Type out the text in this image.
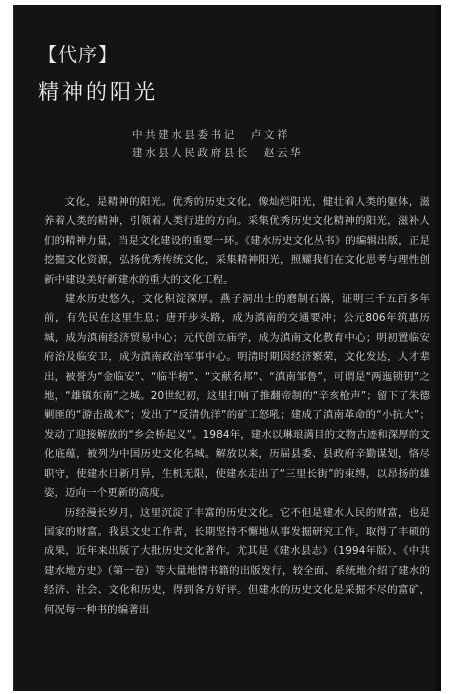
【代序】
精神的阳光
中共建水县委书记 卢文祥
建水县人民政府县长 赵云华

文化，是精神的阳光。优秀的历史文化，像灿烂阳光，健壮着人类的躯体，滋养着人类的精神，引领着人类行进的方向。采集优秀历史文化精神的阳光，滋补人们的精神力量，当是文化建设的重要一环。《建水历史文化丛书》的编辑出版，正是挖掘文化资源，弘扬优秀传统文化，采集精神阳光，照耀我们在文化思考与理性创新中建设美好新建水的重大的文化工程。

建水历史悠久，文化积淀深厚。燕子洞出土的磨制石器，证明三千五百多年前，有先民在这里生息；唐开步头路，成为滇南的交通要冲；公元806年筑惠历城，成为滇南经济贸易中心；元代创立庙学，成为滇南文化教育中心；明初置临安府治及临安卫，成为滇南政治军事中心。明清时期因经济繁荣，文化发达，人才辈出，被誉为“金临安”、“临半榜”、“文献名邦”、“滇南邹鲁”，可谓是“两迤锁钥”之地，“雄镇东南”之城。20世纪初，这里打响了推翻帝制的“辛亥枪声”；留下了朱德剿匪的“游击战术”；发出了“反清仇洋”的矿工怒吼；建成了滇南革命的“小抗大”；发动了迎接解放的“乡会桥起义”。1984年，建水以琳琅满目的文物古迹和深厚的文化底蕴，被列为中国历史文化名城。解放以来，历届县委、县政府辛勤谋划，恪尽职守，使建水日新月异，生机无限，使建水走出了“三里长街”的束缚，以昂扬的雄姿，迈向一个更新的高度。

历经漫长岁月，这里沉淀了丰富的历史文化。它不但是建水人民的财富，也是国家的财富。我县文史工作者，长期坚持不懈地从事发掘研究工作，取得了丰硕的成果，近年来出版了大批历史文化著作。尤其是《建水县志》（1994年版）、《中共建水地方史》（第一卷）等大量地情书籍的出版发行，较全面、系统地介绍了建水的经济、社会、文化和历史，得到各方好评。但建水的历史文化是采掘不尽的富矿，何况每一种书的编著出
